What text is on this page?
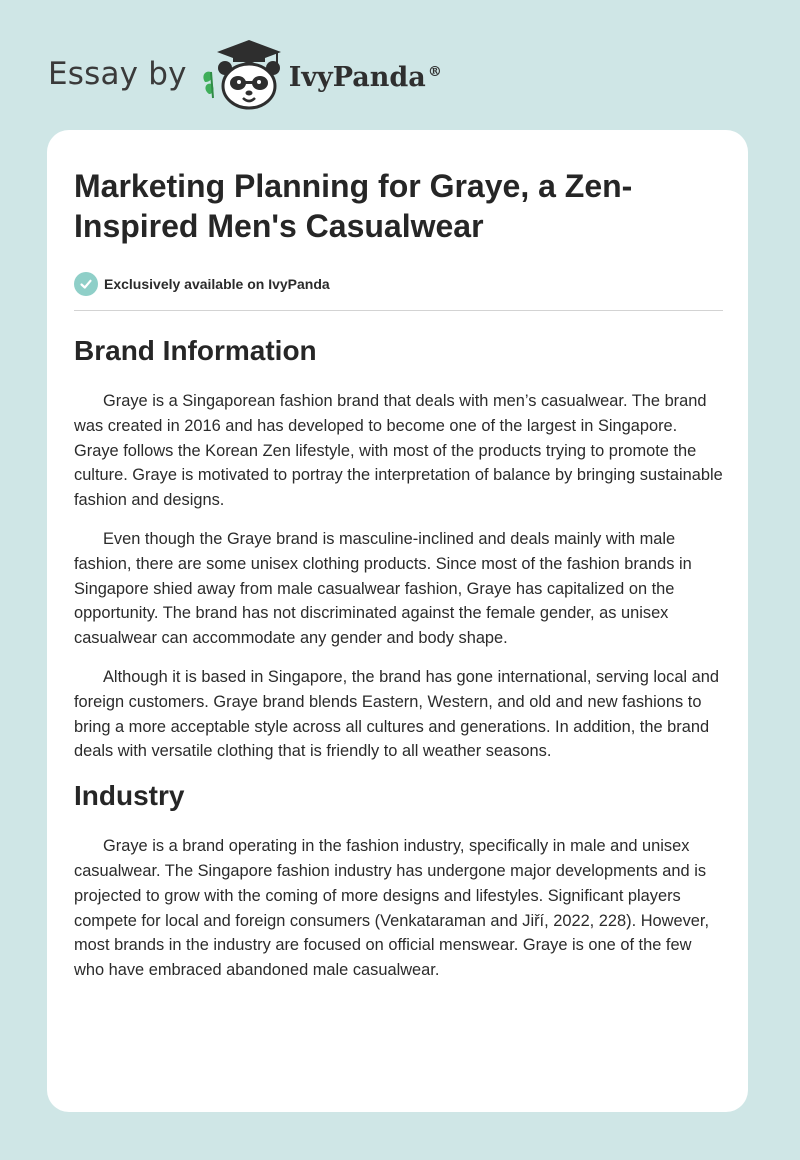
Essay by	IvyPanda ®
Marketing Planning for Graye, a Zen-Inspired Men's Casualwear
Exclusively available on IvyPanda
Brand Information

Graye is a Singaporean fashion brand that deals with men’s casualwear. The brand was created in 2016 and has developed to become one of the largest in Singapore. Graye follows the Korean Zen lifestyle, with most of the products trying to promote the culture. Graye is motivated to portray the interpretation of balance by bringing sustainable fashion and designs.

Even though the Graye brand is masculine-inclined and deals mainly with male fashion, there are some unisex clothing products. Since most of the fashion brands in Singapore shied away from male casualwear fashion, Graye has capitalized on the opportunity. The brand has not discriminated against the female gender, as unisex casualwear can accommodate any gender and body shape.

Although it is based in Singapore, the brand has gone international, serving local and foreign customers. Graye brand blends Eastern, Western, and old and new fashions to bring a more acceptable style across all cultures and generations. In addition, the brand deals with versatile clothing that is friendly to all weather seasons.

Industry

Graye is a brand operating in the fashion industry, specifically in male and unisex casualwear. The Singapore fashion industry has undergone major developments and is projected to grow with the coming of more designs and lifestyles. Significant players compete for local and foreign consumers (Venkataraman and Jiří, 2022, 228). However, most brands in the industry are focused on official menswear. Graye is one of the few who have embraced abandoned male casualwear.
